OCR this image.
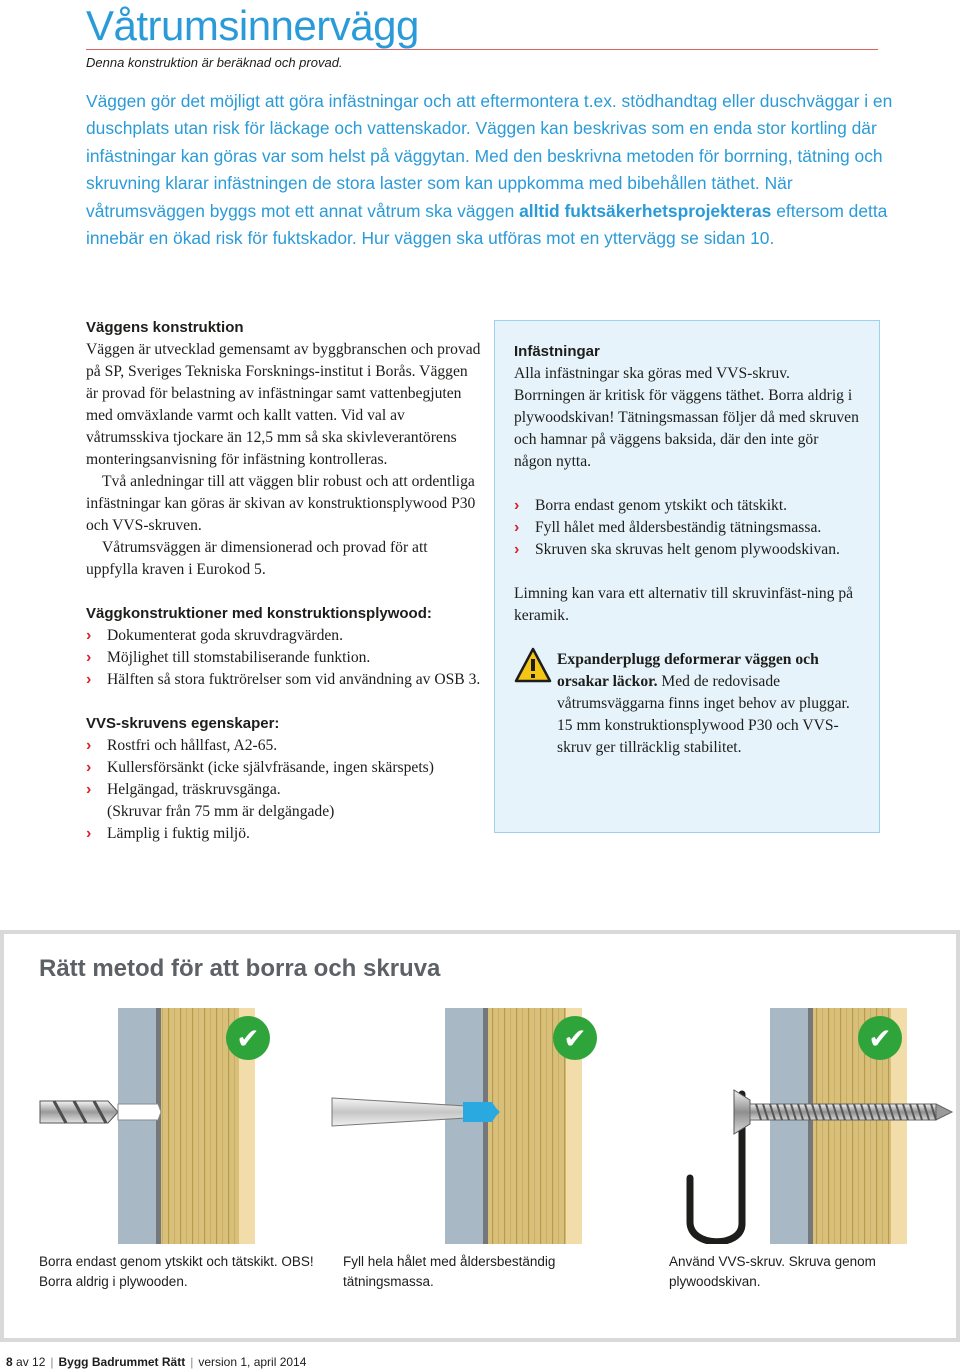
Våtrumsinnervägg
Denna konstruktion är beräknad och provad.

Väggen gör det möjligt att göra infästningar och att eftermontera t.ex. stödhandtag eller duschväggar i en duschplats utan risk för läckage och vattenskador. Väggen kan beskrivas som en enda stor kortling där infästningar kan göras var som helst på väggytan. Med den beskrivna metoden för borrning, tätning och skruvning klarar infästningen de stora laster som kan uppkomma med bibehållen täthet. När våtrumsväggen byggs mot ett annat våtrum ska väggen alltid fuktsäkerhetsprojekteras eftersom detta innebär en ökad risk för fuktskador. Hur väggen ska utföras mot en yttervägg se sidan 10.

Väggens konstruktion

Väggen är utvecklad gemensamt av byggbranschen och provad på SP, Sveriges Tekniska Forsknings-institut i Borås. Väggen är provad för belastning av infästningar samt vattenbegjuten med omväxlande varmt och kallt vatten. Vid val av våtrumsskiva tjockare än 12,5 mm så ska skivleverantörens monteringsanvisning för infästning kontrolleras.

Två anledningar till att väggen blir robust och att ordentliga infästningar kan göras är skivan av konstruktionsplywood P30 och VVS-skruven.

Våtrumsväggen är dimensionerad och provad för att uppfylla kraven i Eurokod 5.

Väggkonstruktioner med konstruktionsplywood:
› Dokumenterat goda skruvdragvärden.
› Möjlighet till stomstabiliserande funktion.
› Hälften så stora fuktrörelser som vid användning av OSB 3.
VVS-skruvens egenskaper:
› Rostfri och hållfast, A2-65.
› Kullersförsänkt (icke självfräsande, ingen skärspets)
› Helgängad, träskruvsgänga.
(Skruvar från 75 mm är delgängade)
› Lämplig i fuktig miljö.
Infästningar

Alla infästningar ska göras med VVS-skruv. Borrningen är kritisk för väggens täthet. Borra aldrig i plywoodskivan! Tätningsmassan följer då med skruven och hamnar på väggens baksida, där den inte gör någon nytta.

› Borra endast genom ytskikt och tätskikt.
› Fyll hålet med åldersbeständig tätningsmassa.
› Skruven ska skruvas helt genom plywoodskivan.

Limning kan vara ett alternativ till skruvinfäst-ning på keramik.

Expanderplugg deformerar väggen och orsakar läckor. Med de redovisade våtrumsväggarna finns inget behov av pluggar. 15 mm konstruktionsplywood P30 och VVS-skruv ger tillräcklig stabilitet.

Rätt metod för att borra och skruva
✔	✔	✔
Borra endast genom ytskikt och tätskikt. OBS! Borra aldrig i plywooden.
Fyll hela hålet med åldersbeständig tätningsmassa.
Använd VVS-skruv. Skruva genom plywoodskivan.
8 av 12 | Bygg Badrummet Rätt | version 1, april 2014
